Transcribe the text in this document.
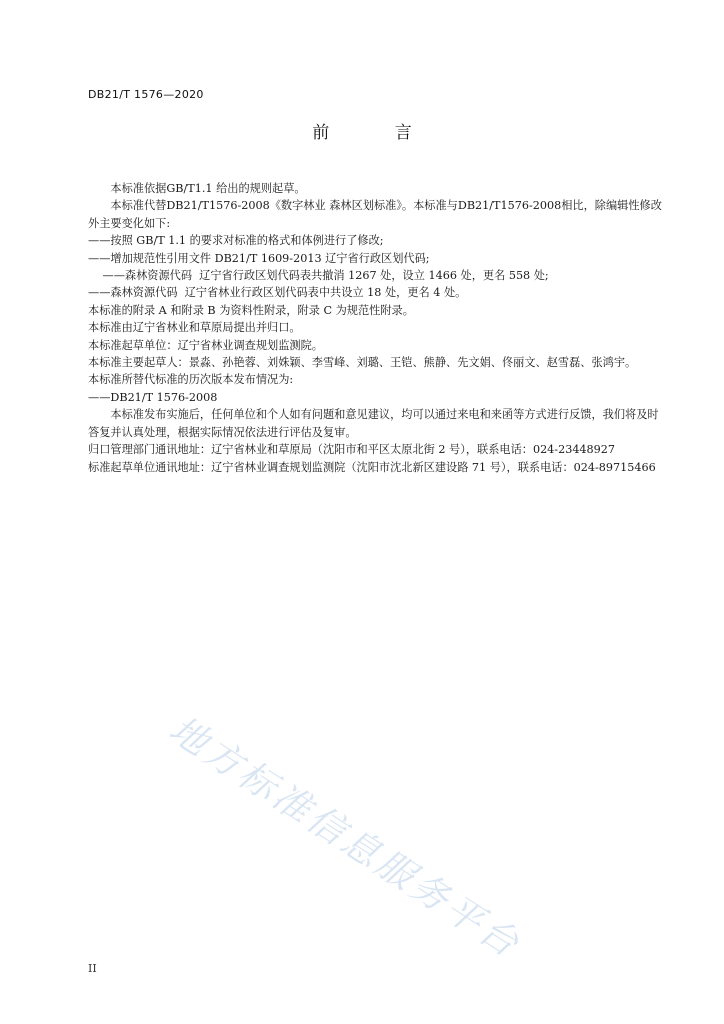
DB21/T 1576—2020
前 言

本标准依据GB/T1.1 给出的规则起草。

本标准代替DB21/T1576-2008《数字林业 森林区划标准》。本标准与DB21/T1576-2008相比，除编辑性修改外主要变化如下:

——按照 GB/T 1.1 的要求对标准的格式和体例进行了修改;

——增加规范性引用文件 DB21/T 1609-2013 辽宁省行政区划代码;

——森林资源代码  辽宁省行政区划代码表共撤消 1267 处，设立 1466 处，更名 558 处;

——森林资源代码  辽宁省林业行政区划代码表中共设立 18 处，更名 4 处。

本标准的附录 A 和附录 B 为资料性附录，附录 C 为规范性附录。

本标准由辽宁省林业和草原局提出并归口。

本标准起草单位：辽宁省林业调查规划监测院。

本标准主要起草人：景淼、孙艳蓉、刘姝颖、李雪峰、刘璐、王铠、熊静、先文娟、佟丽文、赵雪磊、张鸿宇。

本标准所替代标准的历次版本发布情况为:

——DB21/T 1576-2008

本标准发布实施后，任何单位和个人如有问题和意见建议，均可以通过来电和来函等方式进行反馈，我们将及时答复并认真处理，根据实际情况依法进行评估及复审。

归口管理部门通讯地址：辽宁省林业和草原局（沈阳市和平区太原北街 2 号），联系电话：024-23448927

标准起草单位通讯地址：辽宁省林业调查规划监测院（沈阳市沈北新区建设路 71 号），联系电话：024-89715466

地方标准信息服务平台
II
